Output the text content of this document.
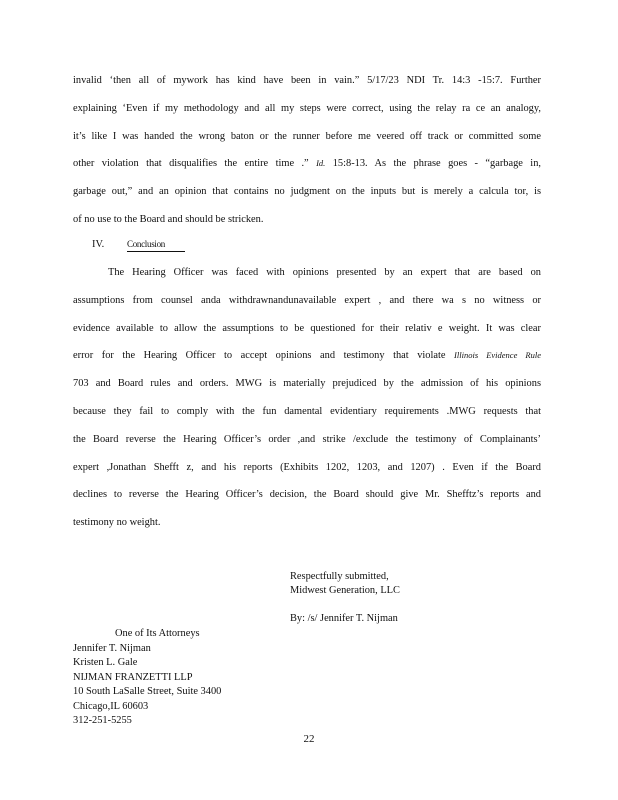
invalid ‘then all of mywork has kind have been in vain.” 5/17/23 NDI Tr. 14:3 -15:7. Further
explaining ‘Even if my methodology and all my steps were correct, using the relay ra ce an analogy,
it’s like I was handed the wrong baton or the runner before me veered off track or committed some
other violation that disqualifies the entire time .” Id. 15:8-13. As the phrase goes - “garbage in,
garbage out,” and an opinion that contains no judgment on the inputs but is merely a calcula tor, is
of no use to the Board and should be stricken.
IV.	Conclusion
The Hearing Officer was faced with opinions presented by an expert that are based on
assumptions from counsel anda withdrawnandunavailable expert , and there wa s no witness or
evidence available to allow the assumptions to be questioned for their relativ e weight. It was clear
error for the Hearing Officer to accept opinions and testimony that violate Illinois Evidence Rule
703 and Board rules and orders. MWG is materially prejudiced by the admission of his opinions
because they fail to comply with the fun damental evidentiary requirements .MWG requests that
the Board reverse the Hearing Officer’s order ,and strike /exclude the testimony of Complainants’
expert ,Jonathan Shefft z, and his reports (Exhibits 1202, 1203, and 1207) . Even if the Board
declines to reverse the Hearing Officer’s decision, the Board should give Mr. Shefftz’s reports and
testimony no weight.
Respectfully submitted,
Midwest Generation, LLC
By: /s/ Jennifer T. Nijman
One of Its Attorneys
Jennifer T. Nijman
Kristen L. Gale
NIJMAN FRANZETTI LLP
10 South LaSalle Street, Suite 3400
Chicago,IL 60603
312-251-5255
22
